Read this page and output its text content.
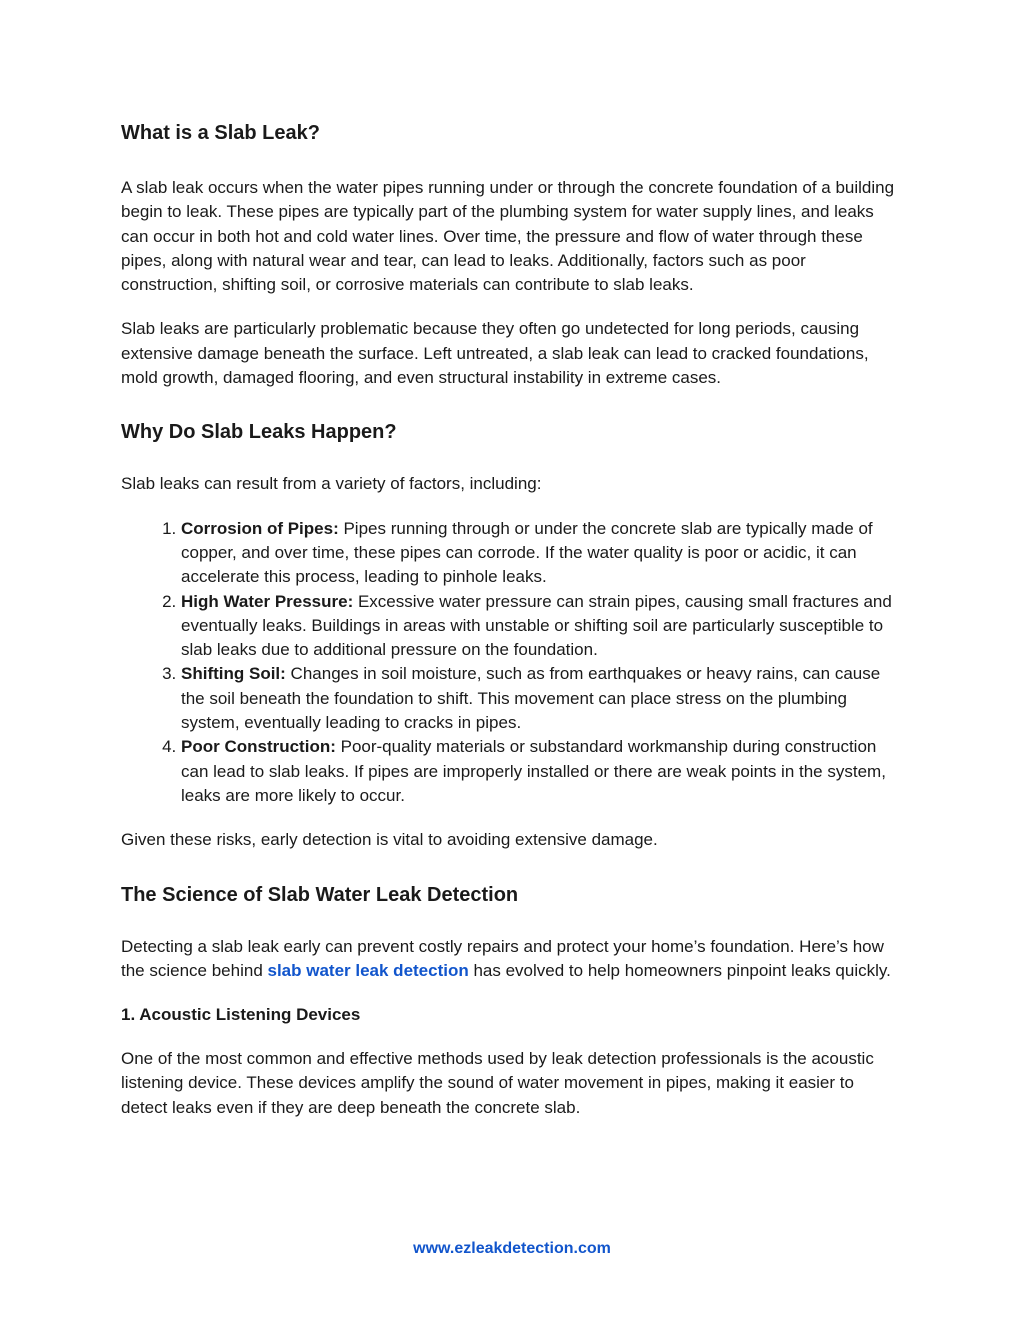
What is a Slab Leak?

A slab leak occurs when the water pipes running under or through the concrete foundation of a building begin to leak. These pipes are typically part of the plumbing system for water supply lines, and leaks can occur in both hot and cold water lines. Over time, the pressure and flow of water through these pipes, along with natural wear and tear, can lead to leaks. Additionally, factors such as poor construction, shifting soil, or corrosive materials can contribute to slab leaks.

Slab leaks are particularly problematic because they often go undetected for long periods, causing extensive damage beneath the surface. Left untreated, a slab leak can lead to cracked foundations, mold growth, damaged flooring, and even structural instability in extreme cases.

Why Do Slab Leaks Happen?

Slab leaks can result from a variety of factors, including:

1. Corrosion of Pipes: Pipes running through or under the concrete slab are typically made of copper, and over time, these pipes can corrode. If the water quality is poor or acidic, it can accelerate this process, leading to pinhole leaks.
2. High Water Pressure: Excessive water pressure can strain pipes, causing small fractures and eventually leaks. Buildings in areas with unstable or shifting soil are particularly susceptible to slab leaks due to additional pressure on the foundation.
3. Shifting Soil: Changes in soil moisture, such as from earthquakes or heavy rains, can cause the soil beneath the foundation to shift. This movement can place stress on the plumbing system, eventually leading to cracks in pipes.
4. Poor Construction: Poor-quality materials or substandard workmanship during construction can lead to slab leaks. If pipes are improperly installed or there are weak points in the system, leaks are more likely to occur.

Given these risks, early detection is vital to avoiding extensive damage.

The Science of Slab Water Leak Detection

Detecting a slab leak early can prevent costly repairs and protect your home’s foundation. Here’s how the science behind slab water leak detection has evolved to help homeowners pinpoint leaks quickly.

1. Acoustic Listening Devices

One of the most common and effective methods used by leak detection professionals is the acoustic listening device. These devices amplify the sound of water movement in pipes, making it easier to detect leaks even if they are deep beneath the concrete slab.

www.ezleakdetection.com
